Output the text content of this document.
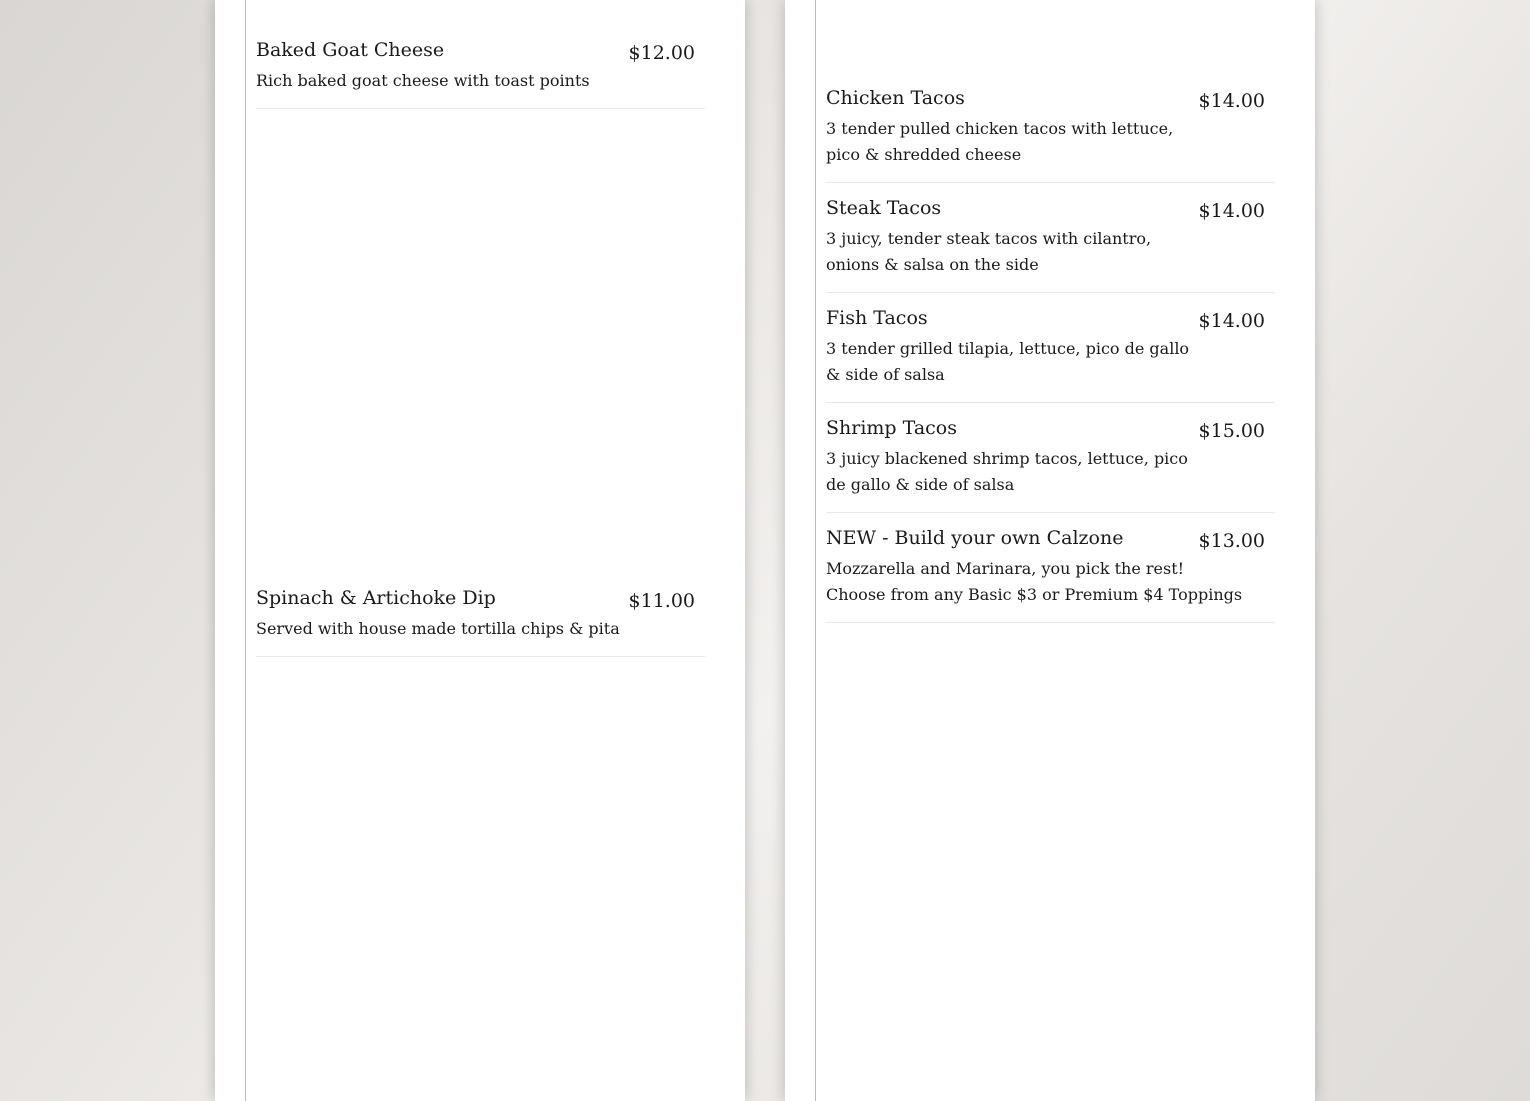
Baked Goat Cheese	$12.00
Rich baked goat cheese with toast points
Spinach & Artichoke Dip	$11.00
Served with house made tortilla chips & pita
Chicken Tacos	$14.00
3 tender pulled chicken tacos with lettuce, pico & shredded cheese
Steak Tacos	$14.00
3 juicy, tender steak tacos with cilantro, onions & salsa on the side
Fish Tacos	$14.00
3 tender grilled tilapia, lettuce, pico de gallo & side of salsa
Shrimp Tacos	$15.00
3 juicy blackened shrimp tacos, lettuce, pico de gallo & side of salsa
NEW - Build your own Calzone	$13.00
Mozzarella and Marinara, you pick the rest! Choose from any Basic $3 or Premium $4 Toppings
